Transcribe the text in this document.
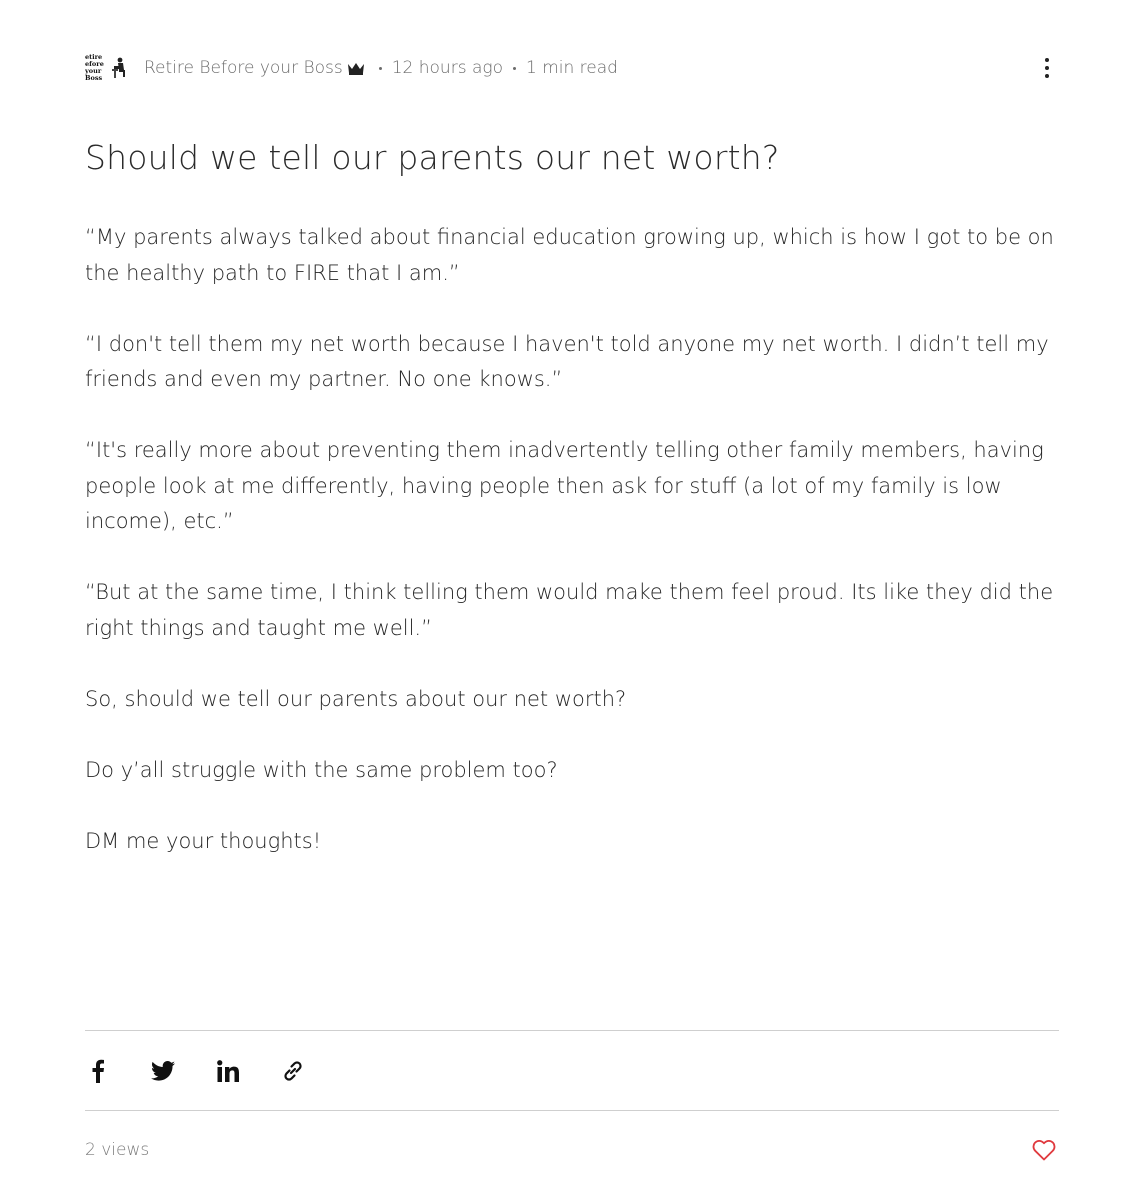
etire
efore
your
Boss	Retire Before your Boss	12 hours ago 1 min read
Should we tell our parents our net worth?

“My parents always talked about financial education growing up, which is how I got to be on the healthy path to FIRE that I am.”

“I don't tell them my net worth because I haven't told anyone my net worth. I didn’t tell my friends and even my partner. No one knows.”

“It's really more about preventing them inadvertently telling other family members, having people look at me differently, having people then ask for stuff (a lot of my family is low income), etc.”

“But at the same time, I think telling them would make them feel proud. Its like they did the right things and taught me well.”

So, should we tell our parents about our net worth?

Do y’all struggle with the same problem too?

DM me your thoughts!

2 views
